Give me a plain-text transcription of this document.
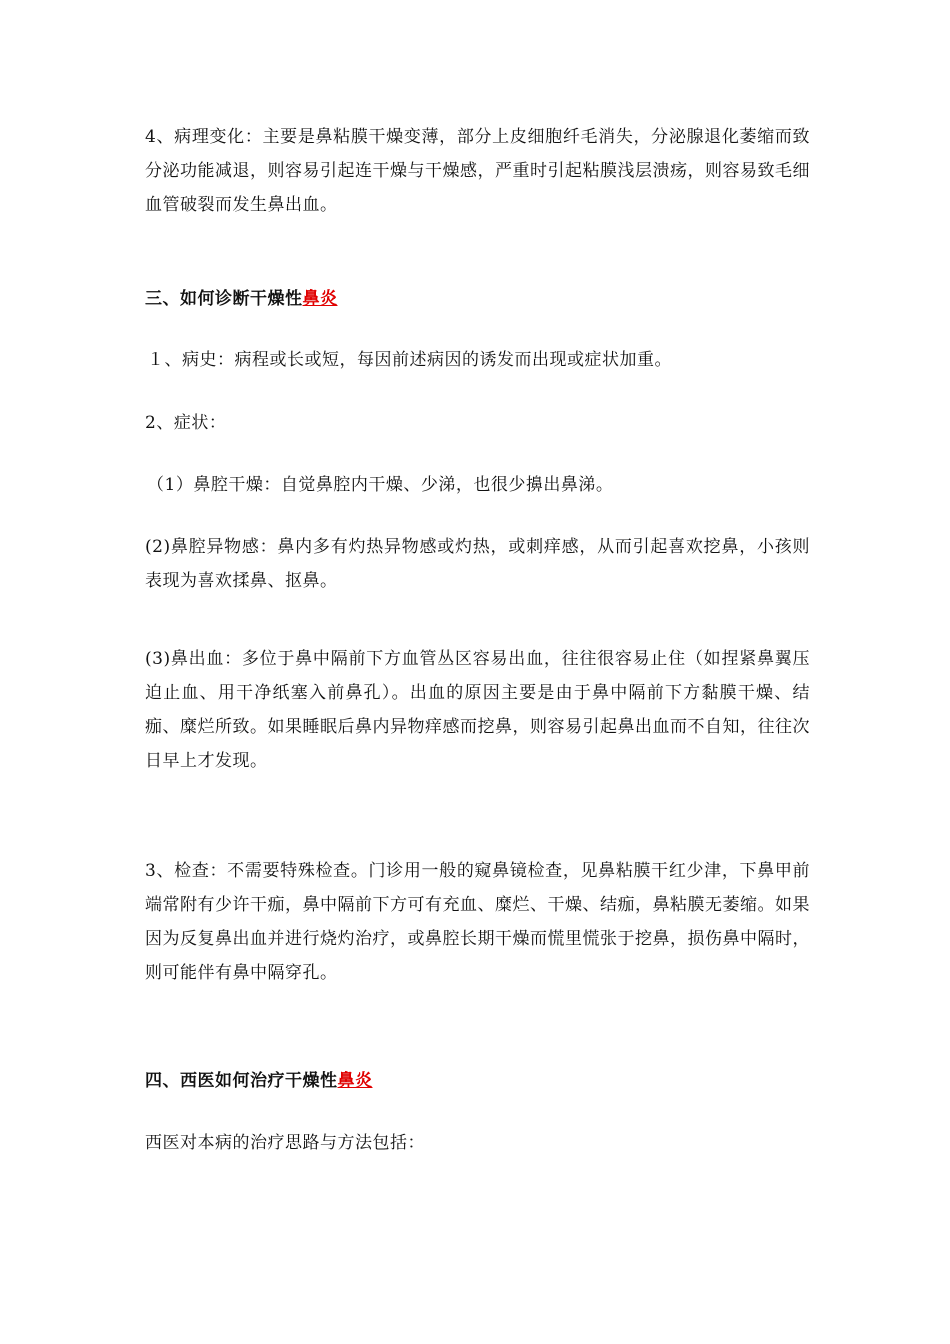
4、病理变化：主要是鼻粘膜干燥变薄，部分上皮细胞纤毛消失，分泌腺退化萎缩而致分泌功能减退，则容易引起连干燥与干燥感，严重时引起粘膜浅层溃疡，则容易致毛细血管破裂而发生鼻出血。

三、如何诊断干燥性鼻炎

１、病史：病程或长或短，每因前述病因的诱发而出现或症状加重。

2、症状：

（1）鼻腔干燥：自觉鼻腔内干燥、少涕，也很少擤出鼻涕。

(2)鼻腔异物感：鼻内多有灼热异物感或灼热，或刺痒感，从而引起喜欢挖鼻，小孩则表现为喜欢揉鼻、抠鼻。

(3)鼻出血：多位于鼻中隔前下方血管丛区容易出血，往往很容易止住（如捏紧鼻翼压迫止血、用干净纸塞入前鼻孔）。出血的原因主要是由于鼻中隔前下方黏膜干燥、结痂、糜烂所致。如果睡眠后鼻内异物痒感而挖鼻，则容易引起鼻出血而不自知，往往次日早上才发现。

3、检查：不需要特殊检查。门诊用一般的窥鼻镜检查，见鼻粘膜干红少津，下鼻甲前端常附有少许干痂，鼻中隔前下方可有充血、糜烂、干燥、结痂，鼻粘膜无萎缩。如果因为反复鼻出血并进行烧灼治疗，或鼻腔长期干燥而慌里慌张于挖鼻，损伤鼻中隔时，则可能伴有鼻中隔穿孔。

四、西医如何治疗干燥性鼻炎

西医对本病的治疗思路与方法包括：
